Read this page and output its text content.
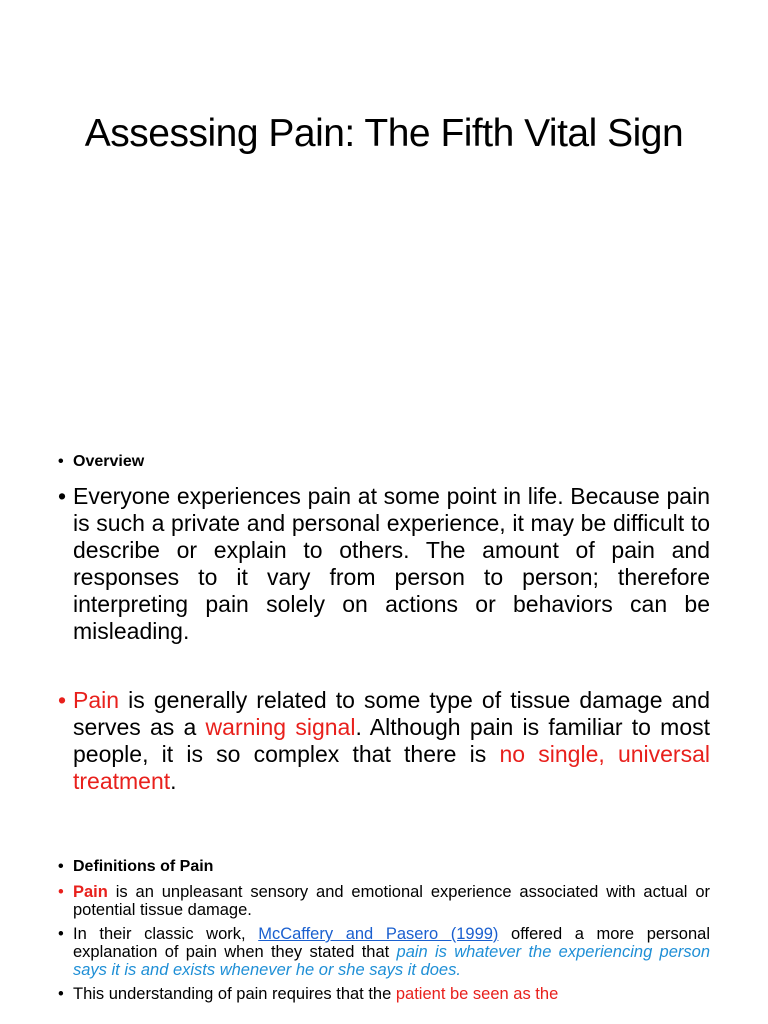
Assessing Pain: The Fifth Vital Sign
• Overview
• Everyone experiences pain at some point in life. Because pain is such a private and personal experience, it may be difficult to describe or explain to others. The amount of pain and responses to it vary from person to person; therefore interpreting pain solely on actions or behaviors can be misleading.
• Pain is generally related to some type of tissue damage and serves as a warning signal. Although pain is familiar to most people, it is so complex that there is no single, universal treatment.
• Definitions of Pain
• Pain is an unpleasant sensory and emotional experience associated with actual or potential tissue damage.
• In their classic work, McCaffery and Pasero (1999) offered a more personal explanation of pain when they stated that pain is whatever the experiencing person says it is and exists whenever he or she says it does.
• This understanding of pain requires that the patient be seen as the
